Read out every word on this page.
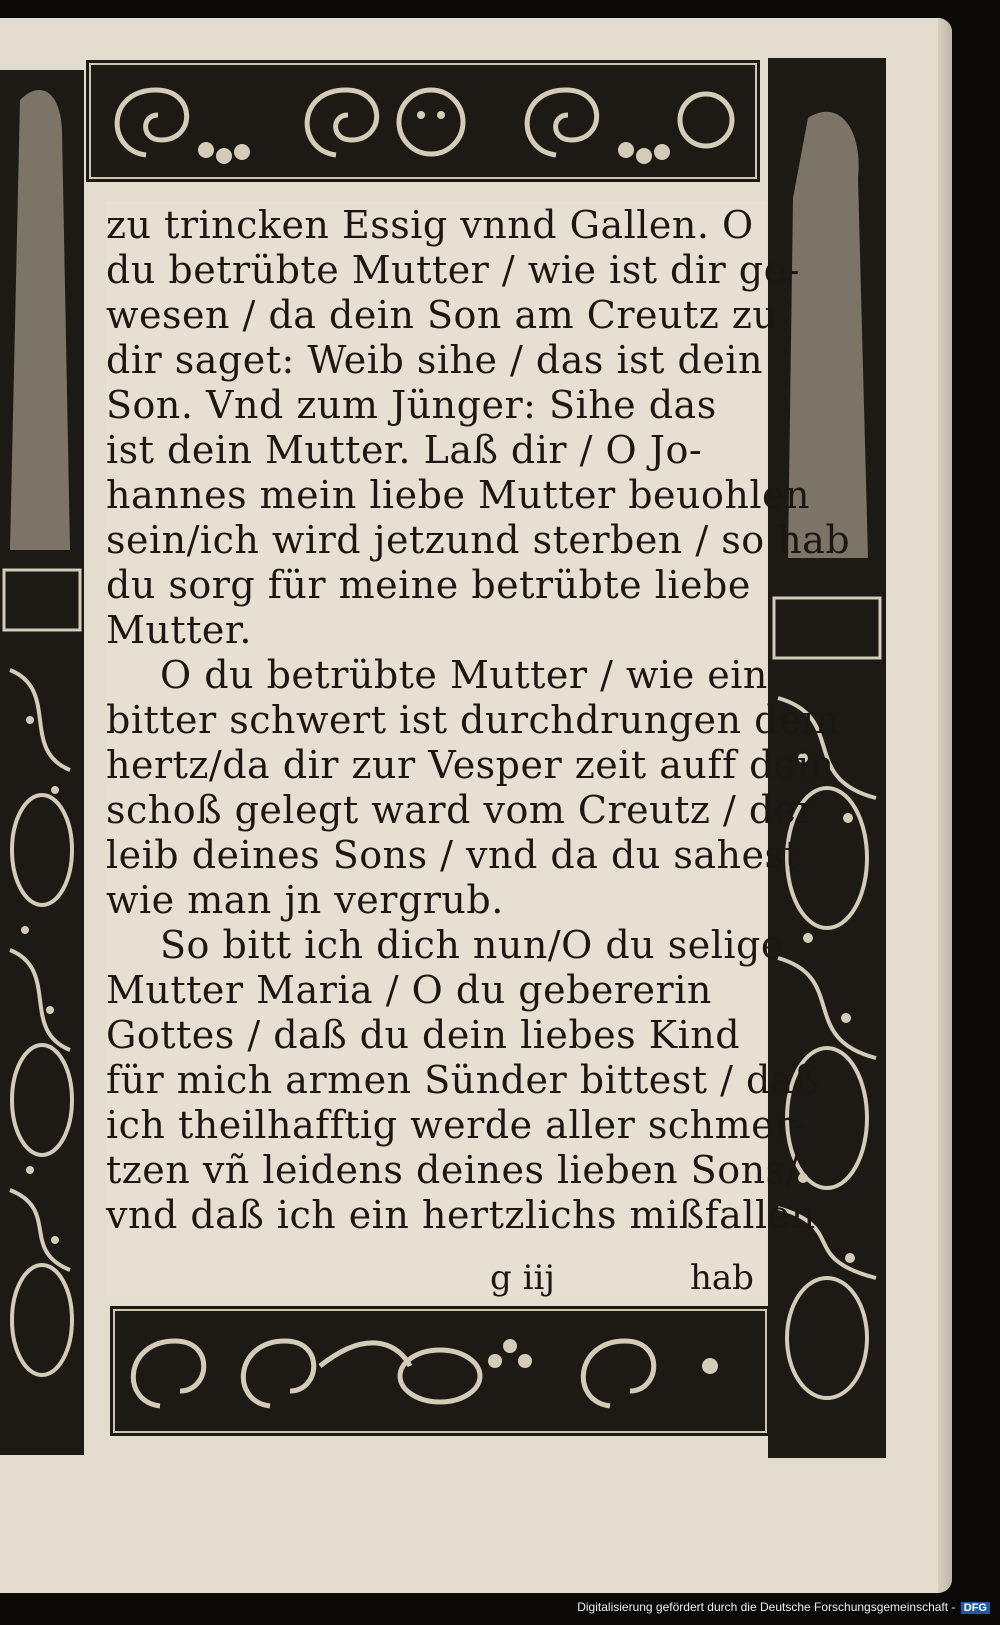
zu trincken Essig vnnd Gallen. O
du betrübte Mutter / wie ist dir ge-
wesen / da dein Son am Creutz zu
dir saget: Weib sihe / das ist dein
Son. Vnd zum Jünger: Sihe das
ist dein Mutter. Laß dir / O Jo-
hannes mein liebe Mutter beuohlen
sein/ich wird jetzund sterben / so hab
du sorg für meine betrübte liebe
Mutter.
O du betrübte Mutter / wie ein
bitter schwert ist durchdrungen dein
hertz/da dir zur Vesper zeit auff dein
schoß gelegt ward vom Creutz / der
leib deines Sons / vnd da du sahest
wie man jn vergrub.
So bitt ich dich nun/O du selige
Mutter Maria / O du gebererin
Gottes / daß du dein liebes Kind
für mich armen Sünder bittest / daß
ich theilhafftig werde aller schmer-
tzen vñ leidens deines lieben Sons/
vnd daß ich ein hertzlichs mißfallen
g iij	hab
Digitalisierung gefördert durch die Deutsche Forschungsgemeinschaft - DFG
